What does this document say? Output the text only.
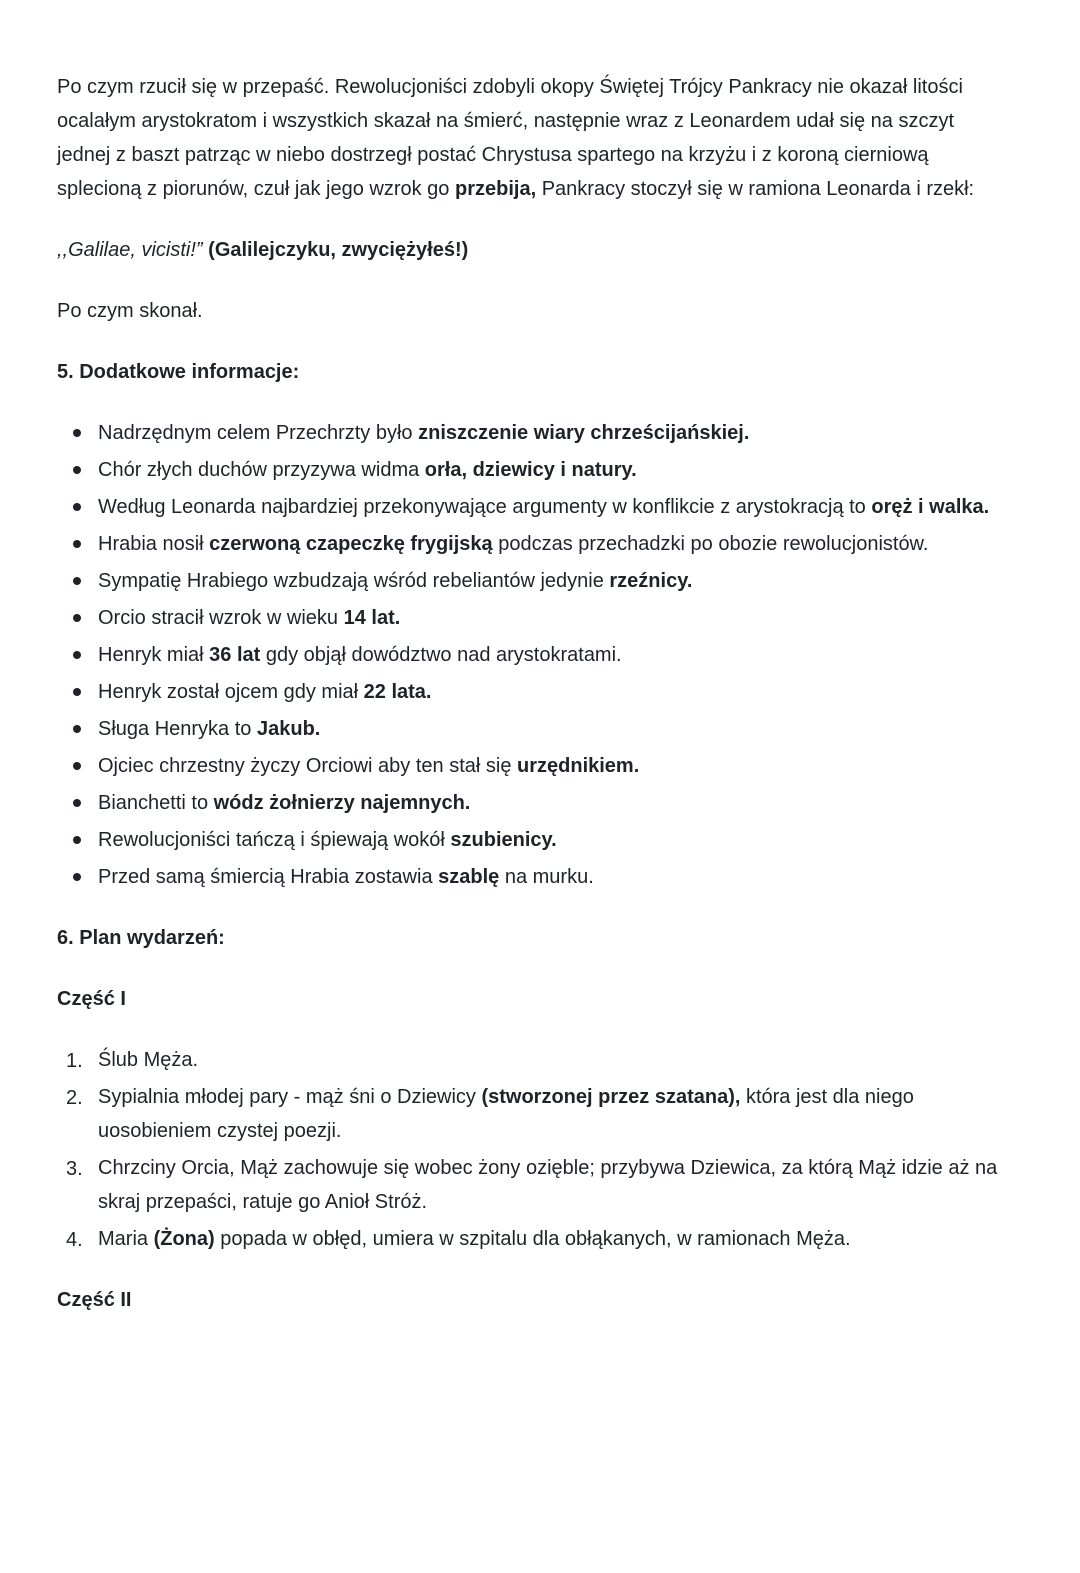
Po czym rzucił się w przepaść. Rewolucjoniści zdobyli okopy Świętej Trójcy Pankracy nie okazał litości ocalałym arystokratom i wszystkich skazał na śmierć, następnie wraz z Leonardem udał się na szczyt jednej z baszt patrząc w niebo dostrzegł postać Chrystusa spartego na krzyżu i z koroną cierniową splecioną z piorunów, czuł jak jego wzrok go przebija, Pankracy stoczył się w ramiona Leonarda i rzekł:

,,Galilae, vicisti!” (Galilejczyku, zwyciężyłeś!)

Po czym skonał.

5. Dodatkowe informacje:

Nadrzędnym celem Przechrzty było zniszczenie wiary chrześcijańskiej.
Chór złych duchów przyzywa widma orła, dziewicy i natury.
Według Leonarda najbardziej przekonywające argumenty w konflikcie z arystokracją to oręż i walka.
Hrabia nosił czerwoną czapeczkę frygijską podczas przechadzki po obozie rewolucjonistów.
Sympatię Hrabiego wzbudzają wśród rebeliantów jedynie rzeźnicy.
Orcio stracił wzrok w wieku 14 lat.
Henryk miał 36 lat gdy objął dowództwo nad arystokratami.
Henryk został ojcem gdy miał 22 lata.
Sługa Henryka to Jakub.
Ojciec chrzestny życzy Orciowi aby ten stał się urzędnikiem.
Bianchetti to wódz żołnierzy najemnych.
Rewolucjoniści tańczą i śpiewają wokół szubienicy.
Przed samą śmiercią Hrabia zostawia szablę na murku.

6. Plan wydarzeń:

Część I

1. Ślub Męża.
2. Sypialnia młodej pary - mąż śni o Dziewicy (stworzonej przez szatana), która jest dla niego uosobieniem czystej poezji.
3. Chrzciny Orcia, Mąż zachowuje się wobec żony ozięble; przybywa Dziewica, za którą Mąż idzie aż na skraj przepaści, ratuje go Anioł Stróż.
4. Maria (Żona) popada w obłęd, umiera w szpitalu dla obłąkanych, w ramionach Męża.

Część II
